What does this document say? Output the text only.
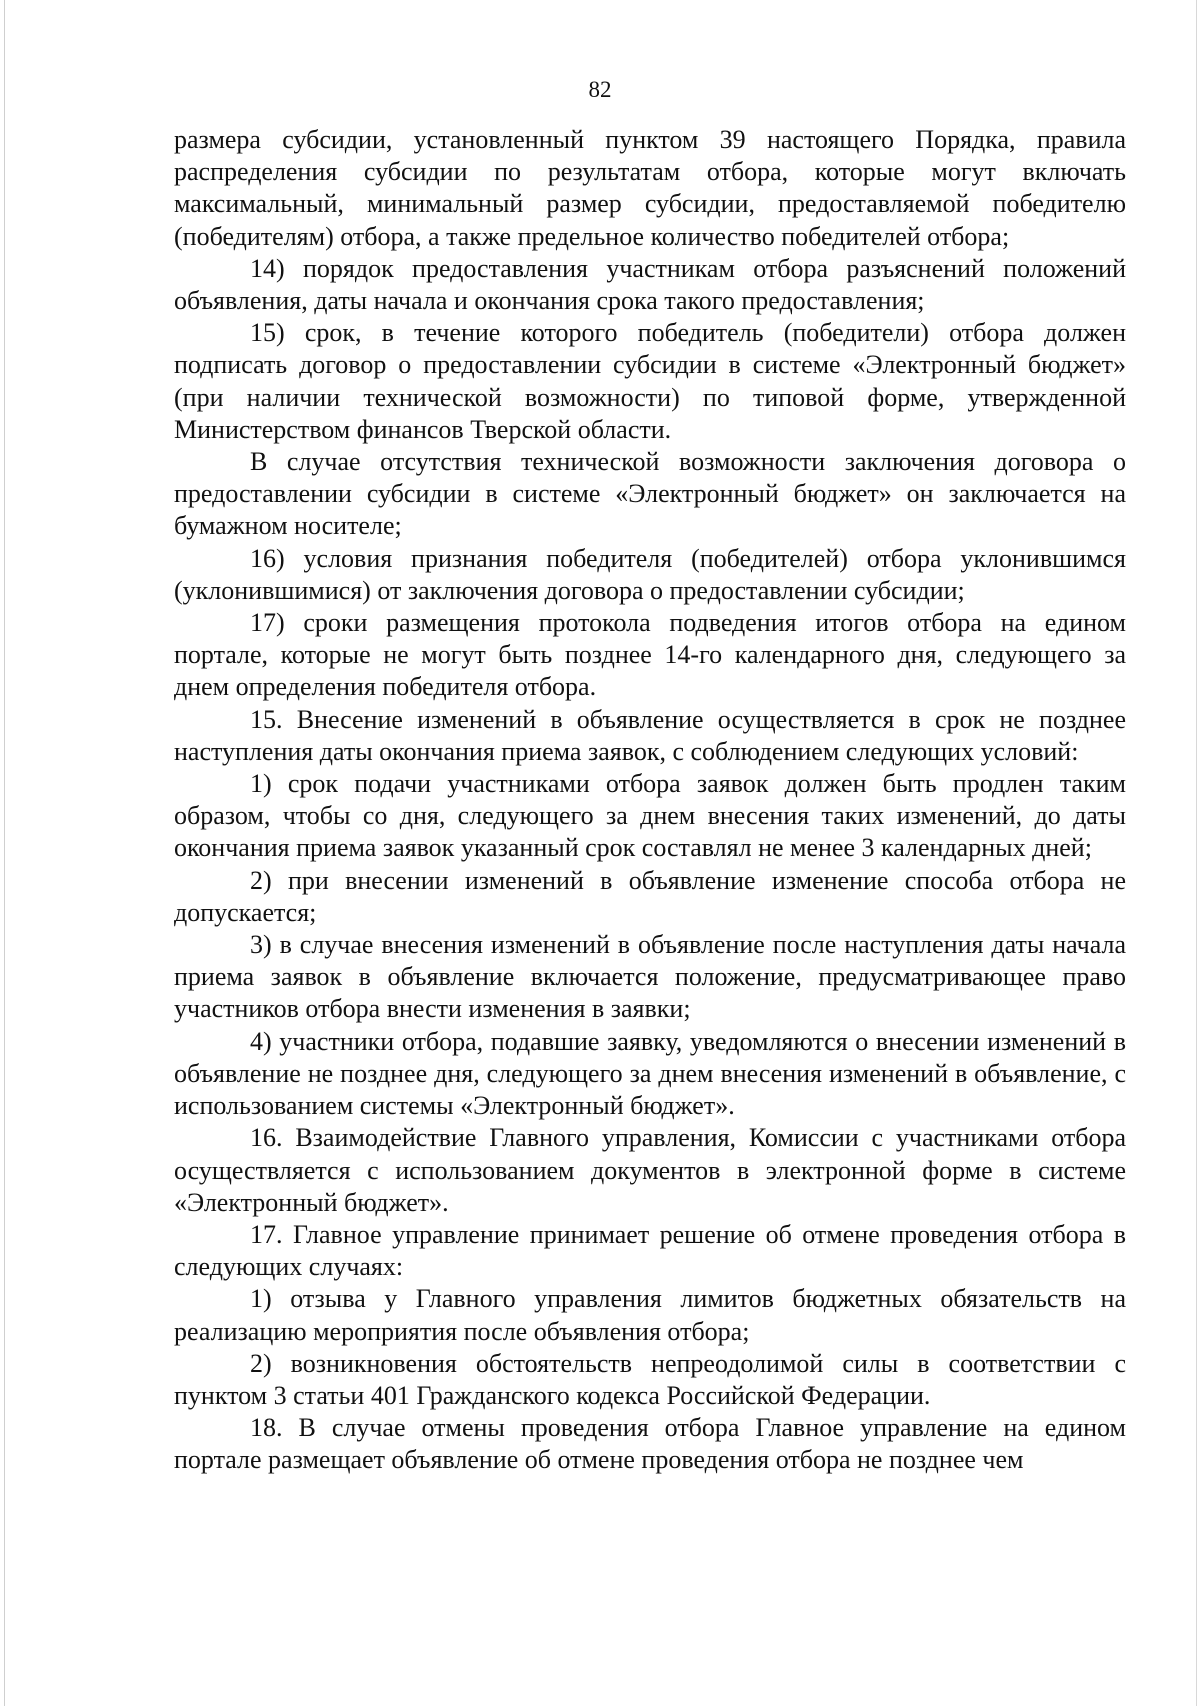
82

размера субсидии, установленный пунктом 39 настоящего Порядка, правила распределения субсидии по результатам отбора, которые могут включать максимальный, минимальный размер субсидии, предоставляемой победителю (победителям) отбора, а также предельное количество победителей отбора;

14) порядок предоставления участникам отбора разъяснений положений объявления, даты начала и окончания срока такого предоставления;

15) срок, в течение которого победитель (победители) отбора должен подписать договор о предоставлении субсидии в системе «Электронный бюджет» (при наличии технической возможности) по типовой форме, утвержденной Министерством финансов Тверской области.

В случае отсутствия технической возможности заключения договора о предоставлении субсидии в системе «Электронный бюджет» он заключается на бумажном носителе;

16) условия признания победителя (победителей) отбора уклонившимся (уклонившимися) от заключения договора о предоставлении субсидии;

17) сроки размещения протокола подведения итогов отбора на едином портале, которые не могут быть позднее 14-го календарного дня, следующего за днем определения победителя отбора.

15. Внесение изменений в объявление осуществляется в срок не позднее наступления даты окончания приема заявок, с соблюдением следующих условий:

1) срок подачи участниками отбора заявок должен быть продлен таким образом, чтобы со дня, следующего за днем внесения таких изменений, до даты окончания приема заявок указанный срок составлял не менее 3 календарных дней;

2) при внесении изменений в объявление изменение способа отбора не допускается;

3) в случае внесения изменений в объявление после наступления даты начала приема заявок в объявление включается положение, предусматривающее право участников отбора внести изменения в заявки;

4) участники отбора, подавшие заявку, уведомляются о внесении изменений в объявление не позднее дня, следующего за днем внесения изменений в объявление, с использованием системы «Электронный бюджет».

16. Взаимодействие Главного управления, Комиссии с участниками отбора осуществляется с использованием документов в электронной форме в системе «Электронный бюджет».

17. Главное управление принимает решение об отмене проведения отбора в следующих случаях:

1) отзыва у Главного управления лимитов бюджетных обязательств на реализацию мероприятия после объявления отбора;

2) возникновения обстоятельств непреодолимой силы в соответствии с пунктом 3 статьи 401 Гражданского кодекса Российской Федерации.

18. В случае отмены проведения отбора Главное управление на едином портале размещает объявление об отмене проведения отбора не позднее чем
